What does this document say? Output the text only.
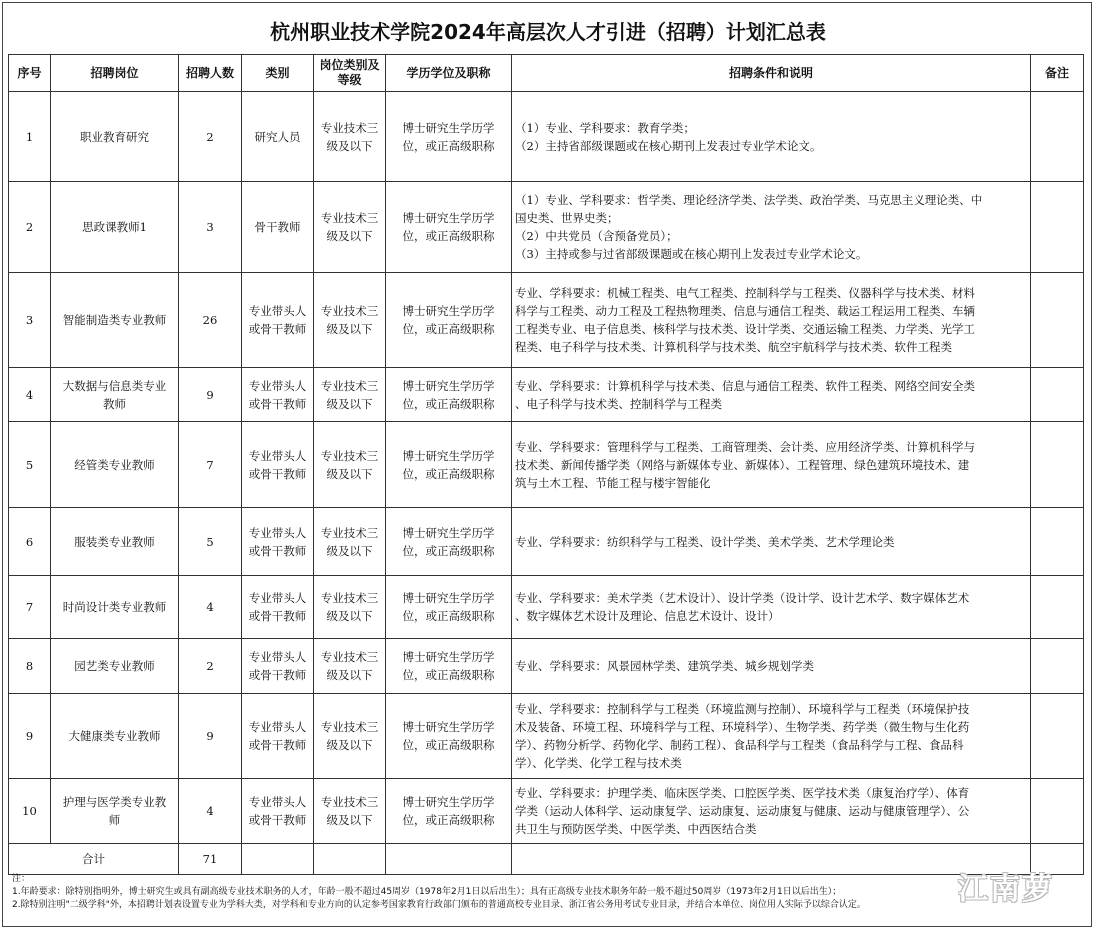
杭州职业技术学院2024年高层次人才引进（招聘）计划汇总表
序号	招聘岗位	招聘人数	类别	岗位类别及
等级	学历学位及职称	招聘条件和说明	备注
1	职业教育研究	2	研究人员	专业技术三
级及以下	博士研究生学历学
位，或正高级职称	（1）专业、学科要求：教育学类；
（2）主持省部级课题或在核心期刊上发表过专业学术论文。	

2	思政课教师1	3	骨干教师	专业技术三
级及以下	博士研究生学历学
位，或正高级职称	（1）专业、学科要求：哲学类、理论经济学类、法学类、政治学类、马克思主义理论类、中
国史类、世界史类；
（2）中共党员（含预备党员）；
（3）主持或参与过省部级课题或在核心期刊上发表过专业学术论文。	

3	智能制造类专业教师	26	专业带头人
或骨干教师	专业技术三
级及以下	博士研究生学历学
位，或正高级职称	专业、学科要求：机械工程类、电气工程类、控制科学与工程类、仪器科学与技术类、材料
科学与工程类、动力工程及工程热物理类、信息与通信工程类、载运工程运用工程类、车辆
工程类专业、电子信息类、核科学与技术类、设计学类、交通运输工程类、力学类、光学工
程类、电子科学与技术类、计算机科学与技术类、航空宇航科学与技术类、软件工程类	

4	大数据与信息类专业
教师	9	专业带头人
或骨干教师	专业技术三
级及以下	博士研究生学历学
位，或正高级职称	专业、学科要求：计算机科学与技术类、信息与通信工程类、软件工程类、网络空间安全类
、电子科学与技术类、控制科学与工程类	

5	经管类专业教师	7	专业带头人
或骨干教师	专业技术三
级及以下	博士研究生学历学
位，或正高级职称	专业、学科要求：管理科学与工程类、工商管理类、会计类、应用经济学类、计算机科学与
技术类、新闻传播学类（网络与新媒体专业、新媒体）、工程管理、绿色建筑环境技术、建
筑与土木工程、节能工程与楼宇智能化	

6	服装类专业教师	5	专业带头人
或骨干教师	专业技术三
级及以下	博士研究生学历学
位，或正高级职称	专业、学科要求：纺织科学与工程类、设计学类、美术学类、艺术学理论类	

7	时尚设计类专业教师	4	专业带头人
或骨干教师	专业技术三
级及以下	博士研究生学历学
位，或正高级职称	专业、学科要求：美术学类（艺术设计）、设计学类（设计学、设计艺术学、数字媒体艺术
、数字媒体艺术设计及理论、信息艺术设计、设计）	

8	园艺类专业教师	2	专业带头人
或骨干教师	专业技术三
级及以下	博士研究生学历学
位，或正高级职称	专业、学科要求：风景园林学类、建筑学类、城乡规划学类	

9	大健康类专业教师	9	专业带头人
或骨干教师	专业技术三
级及以下	博士研究生学历学
位，或正高级职称	专业、学科要求：控制科学与工程类（环境监测与控制）、环境科学与工程类（环境保护技
术及装备、环境工程、环境科学与工程、环境科学）、生物学类、药学类（微生物与生化药
学）、药物分析学、药物化学、制药工程）、食品科学与工程类（食品科学与工程、食品科
学）、化学类、化学工程与技术类	

10	护理与医学类专业教
师	4	专业带头人
或骨干教师	专业技术三
级及以下	博士研究生学历学
位，或正高级职称	专业、学科要求：护理学类、临床医学类、口腔医学类、医学技术类（康复治疗学）、体育
学类（运动人体科学、运动康复学、运动康复、运动康复与健康、运动与健康管理学）、公
共卫生与预防医学类、中医学类、中西医结合类	

合计		71					
注：
1.年龄要求：除特别指明外，博士研究生或具有副高级专业技术职务的人才，年龄一般不超过45周岁（1978年2月1日以后出生）；具有正高级专业技术职务年龄一般不超过50周岁（1973年2月1日以后出生）；
2.除特别注明"二级学科"外，本招聘计划表设置专业为学科大类，对学科和专业方向的认定参考国家教育行政部门颁布的普通高校专业目录、浙江省公务用考试专业目录，并结合本单位、岗位用人实际予以综合认定。	江南萝
